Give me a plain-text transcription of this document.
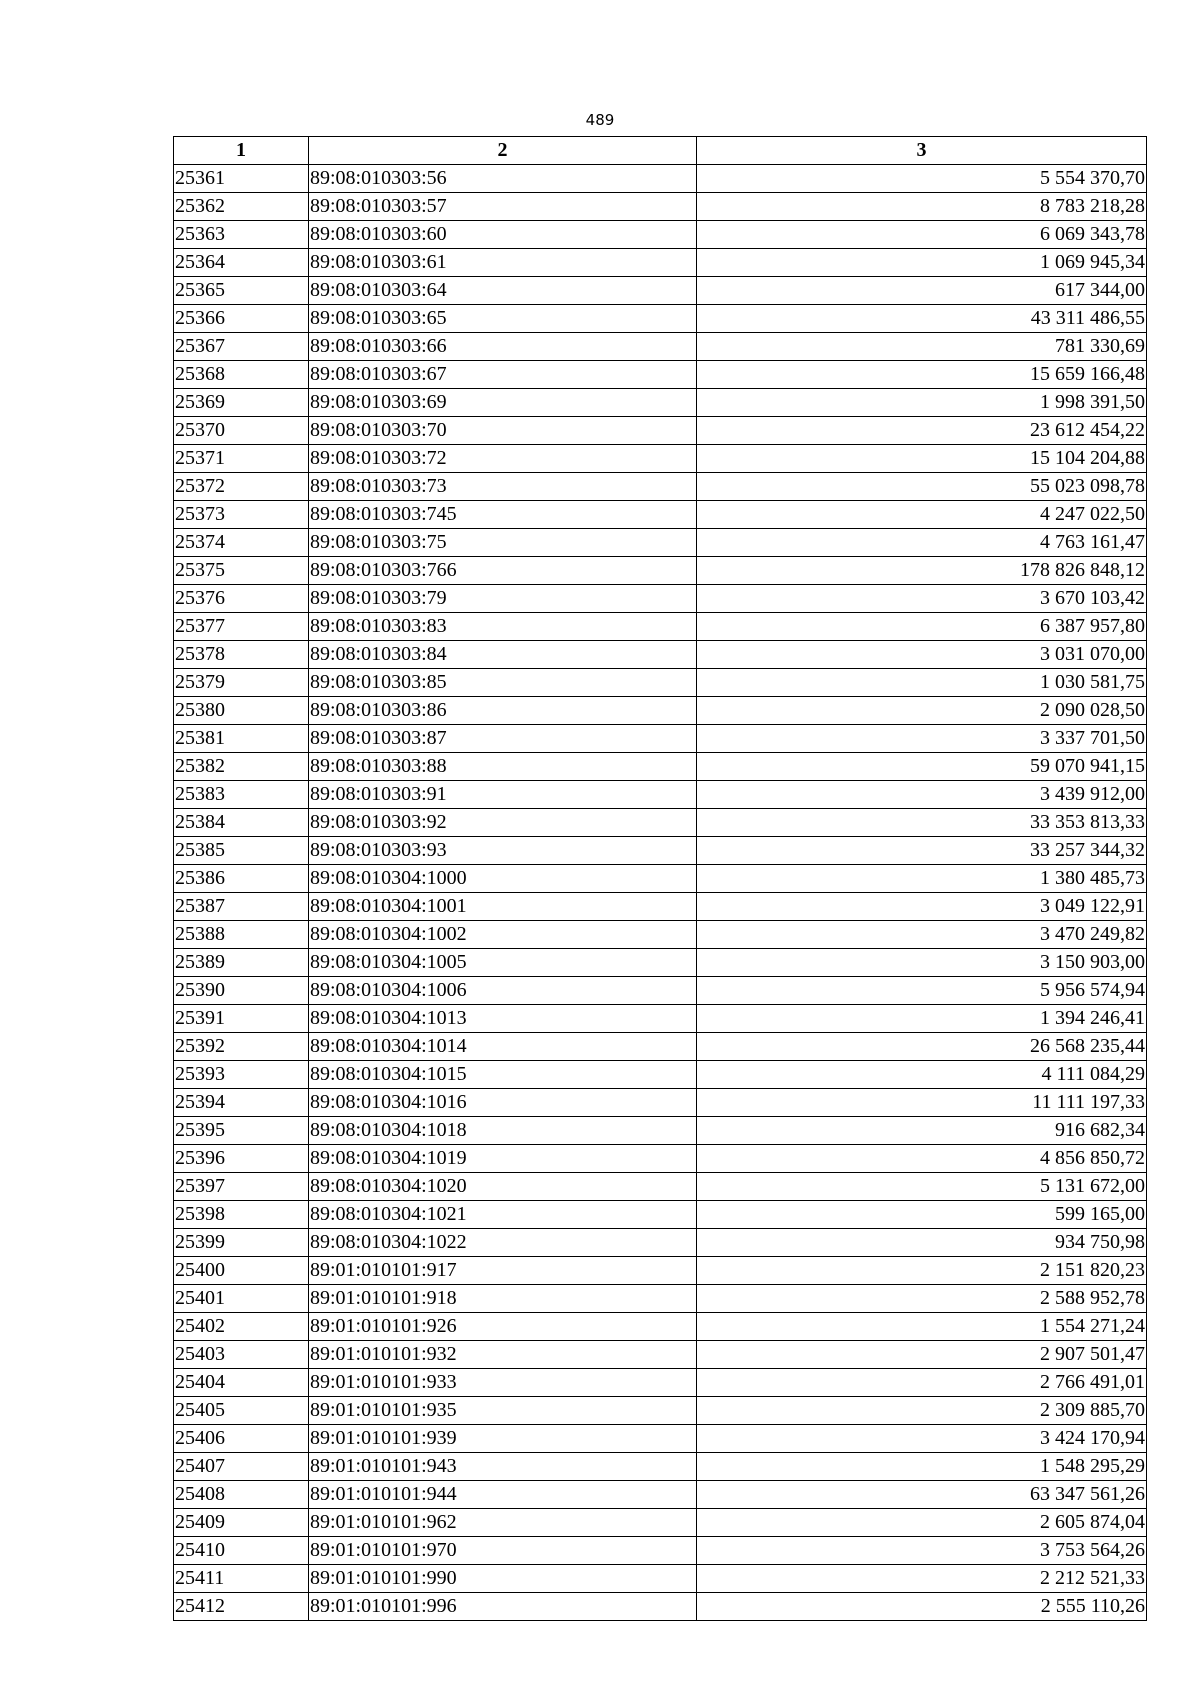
489
1	2	3
25361	89:08:010303:56	5 554 370,70
25362	89:08:010303:57	8 783 218,28
25363	89:08:010303:60	6 069 343,78
25364	89:08:010303:61	1 069 945,34
25365	89:08:010303:64	617 344,00
25366	89:08:010303:65	43 311 486,55
25367	89:08:010303:66	781 330,69
25368	89:08:010303:67	15 659 166,48
25369	89:08:010303:69	1 998 391,50
25370	89:08:010303:70	23 612 454,22
25371	89:08:010303:72	15 104 204,88
25372	89:08:010303:73	55 023 098,78
25373	89:08:010303:745	4 247 022,50
25374	89:08:010303:75	4 763 161,47
25375	89:08:010303:766	178 826 848,12
25376	89:08:010303:79	3 670 103,42
25377	89:08:010303:83	6 387 957,80
25378	89:08:010303:84	3 031 070,00
25379	89:08:010303:85	1 030 581,75
25380	89:08:010303:86	2 090 028,50
25381	89:08:010303:87	3 337 701,50
25382	89:08:010303:88	59 070 941,15
25383	89:08:010303:91	3 439 912,00
25384	89:08:010303:92	33 353 813,33
25385	89:08:010303:93	33 257 344,32
25386	89:08:010304:1000	1 380 485,73
25387	89:08:010304:1001	3 049 122,91
25388	89:08:010304:1002	3 470 249,82
25389	89:08:010304:1005	3 150 903,00
25390	89:08:010304:1006	5 956 574,94
25391	89:08:010304:1013	1 394 246,41
25392	89:08:010304:1014	26 568 235,44
25393	89:08:010304:1015	4 111 084,29
25394	89:08:010304:1016	11 111 197,33
25395	89:08:010304:1018	916 682,34
25396	89:08:010304:1019	4 856 850,72
25397	89:08:010304:1020	5 131 672,00
25398	89:08:010304:1021	599 165,00
25399	89:08:010304:1022	934 750,98
25400	89:01:010101:917	2 151 820,23
25401	89:01:010101:918	2 588 952,78
25402	89:01:010101:926	1 554 271,24
25403	89:01:010101:932	2 907 501,47
25404	89:01:010101:933	2 766 491,01
25405	89:01:010101:935	2 309 885,70
25406	89:01:010101:939	3 424 170,94
25407	89:01:010101:943	1 548 295,29
25408	89:01:010101:944	63 347 561,26
25409	89:01:010101:962	2 605 874,04
25410	89:01:010101:970	3 753 564,26
25411	89:01:010101:990	2 212 521,33
25412	89:01:010101:996	2 555 110,26
